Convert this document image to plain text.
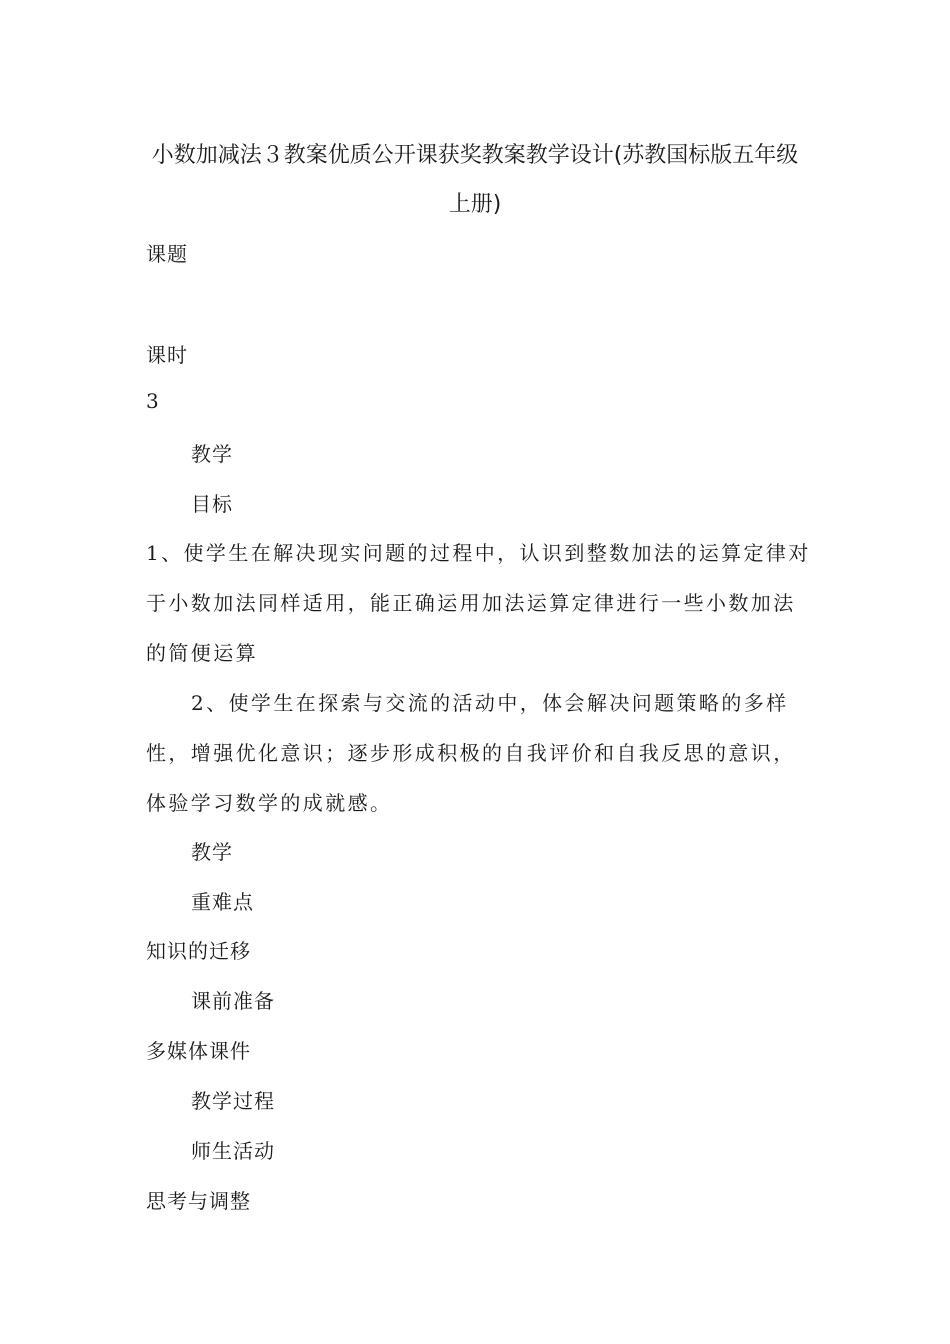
小数加减法３教案优质公开课获奖教案教学设计(苏教国标版五年级
上册)
课题
课时
3
教学
目标
1、使学生在解决现实问题的过程中，认识到整数加法的运算定律对
于小数加法同样适用，能正确运用加法运算定律进行一些小数加法
的简便运算
2、使学生在探索与交流的活动中，体会解决问题策略的多样
性，增强优化意识；逐步形成积极的自我评价和自我反思的意识，
体验学习数学的成就感。
教学
重难点
知识的迁移
课前准备
多媒体课件
教学过程
师生活动
思考与调整
